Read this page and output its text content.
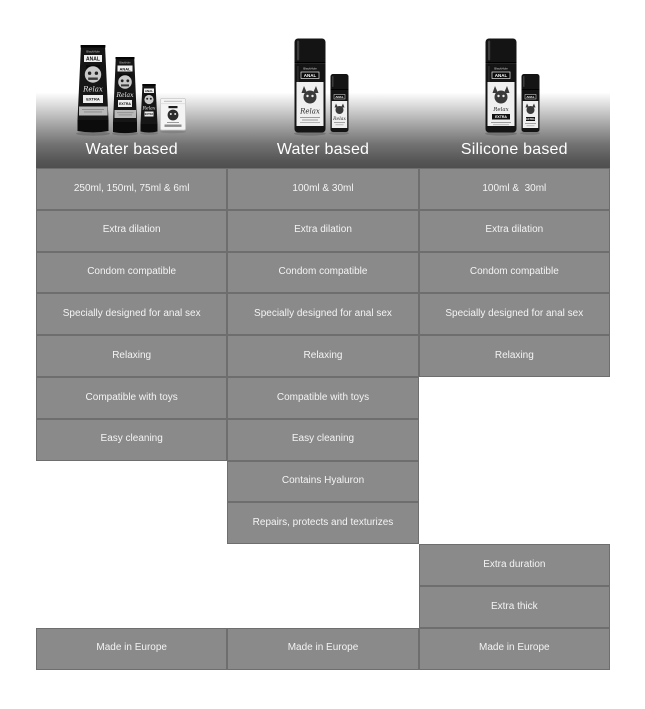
BlackHole
ANAL
Relax
EXTRA
BlackHole
ANAL
Relax
EXTRA
ANAL
Relax
EXTRA
BlackHole
ANAL
Relax
ANAL
Relax
BlackHole
ANAL
Relax
EXTRA
ANAL
EXTRA
Water based	Water based	Silicone based
250ml, 150ml, 75ml & 6ml
Extra dilation
Condom compatible
Specially designed for anal sex
Relaxing
Compatible with toys
Easy cleaning
Made in Europe
100ml & 30ml
Extra dilation
Condom compatible
Specially designed for anal sex
Relaxing
Compatible with toys
Easy cleaning
Contains Hyaluron
Repairs, protects and texturizes
Made in Europe
100ml &  30ml
Extra dilation
Condom compatible
Specially designed for anal sex
Relaxing
Extra duration
Extra thick
Made in Europe
